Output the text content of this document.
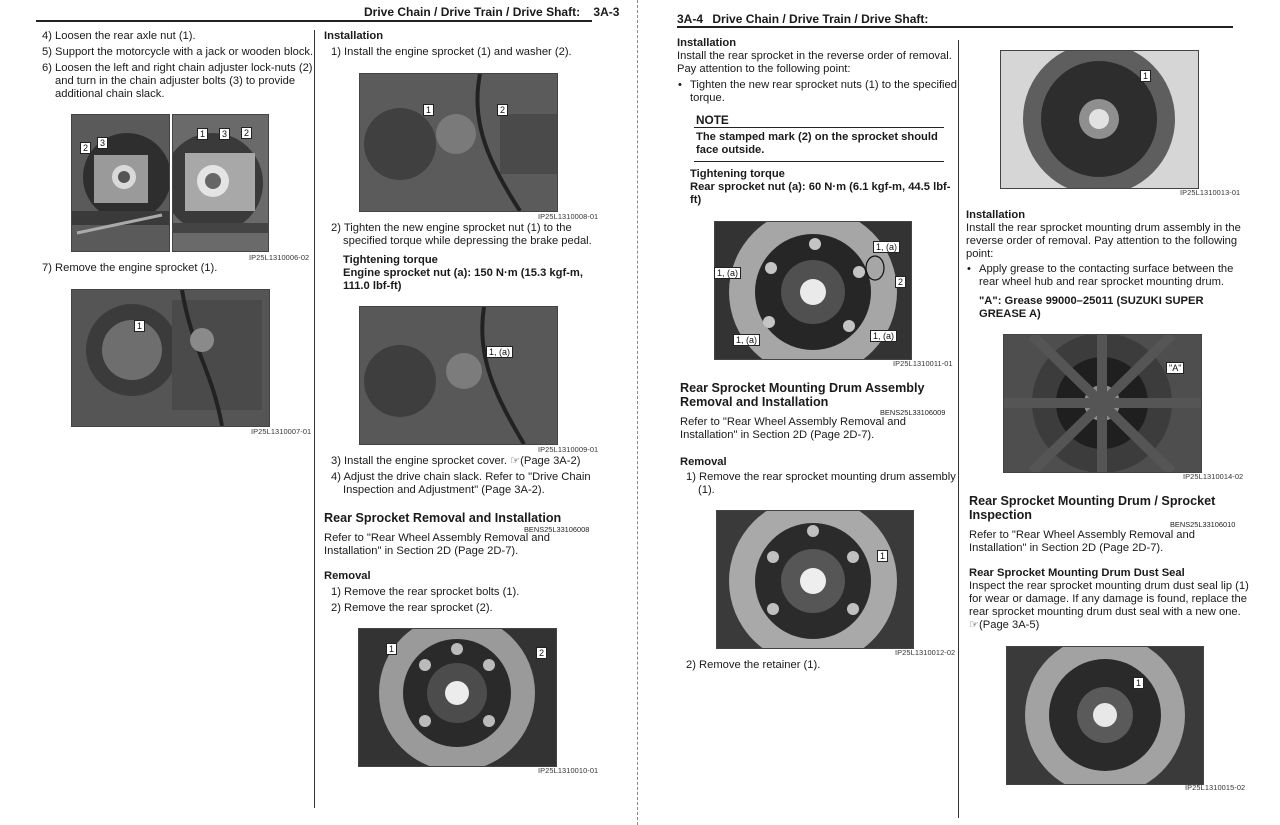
Drive Chain / Drive Train / Drive Shaft: 3A-3
4) Loosen the rear axle nut (1).
5) Support the motorcycle with a jack or wooden block.
6) Loosen the left and right chain adjuster lock-nuts (2)
and turn in the chain adjuster bolts (3) to provide
additional chain slack.
2	3
1	3	2
IP25L1310006-02
7) Remove the engine sprocket (1).
1
IP25L1310007-01
Installation
1) Install the engine sprocket (1) and washer (2).
1	2
IP25L1310008-01
2) Tighten the new engine sprocket nut (1) to the
specified torque while depressing the brake pedal.
Tightening torque
Engine sprocket nut (a): 150 N·m (15.3 kgf-m,
111.0 lbf-ft)
1, (a)
IP25L1310009-01
3) Install the engine sprocket cover. ☞(Page 3A-2)
4) Adjust the drive chain slack. Refer to "Drive Chain
Inspection and Adjustment" (Page 3A-2).
Rear Sprocket Removal and Installation
BENS25L33106008
Refer to "Rear Wheel Assembly Removal and
Installation" in Section 2D (Page 2D-7).
Removal
1) Remove the rear sprocket bolts (1).
2) Remove the rear sprocket (2).
1	2
IP25L1310010-01
3A-4 Drive Chain / Drive Train / Drive Shaft:
Installation
Install the rear sprocket in the reverse order of removal.
Pay attention to the following point:
• Tighten the new rear sprocket nuts (1) to the specified
torque.
NOTE
The stamped mark (2) on the sprocket should
face outside.
Tightening torque
Rear sprocket nut (a): 60 N·m (6.1 kgf-m, 44.5 lbf-
ft)
1, (a)
1, (a)
2
1, (a)
1, (a)
IP25L1310011-01
Rear Sprocket Mounting Drum Assembly
Removal and Installation
BENS25L33106009
Refer to "Rear Wheel Assembly Removal and
Installation" in Section 2D (Page 2D-7).
Removal
1) Remove the rear sprocket mounting drum assembly
(1).
1
IP25L1310012-02
2) Remove the retainer (1).
1
IP25L1310013-01
Installation
Install the rear sprocket mounting drum assembly in the
reverse order of removal. Pay attention to the following
point:
• Apply grease to the contacting surface between the
rear wheel hub and rear sprocket mounting drum.
"A": Grease 99000–25011 (SUZUKI SUPER
GREASE A)
"A"
IP25L1310014-02
Rear Sprocket Mounting Drum / Sprocket
Inspection
BENS25L33106010
Refer to "Rear Wheel Assembly Removal and
Installation" in Section 2D (Page 2D-7).
Rear Sprocket Mounting Drum Dust Seal
Inspect the rear sprocket mounting drum dust seal lip (1)
for wear or damage. If any damage is found, replace the
rear sprocket mounting drum dust seal with a new one.
☞(Page 3A-5)
1
IP25L1310015-02
